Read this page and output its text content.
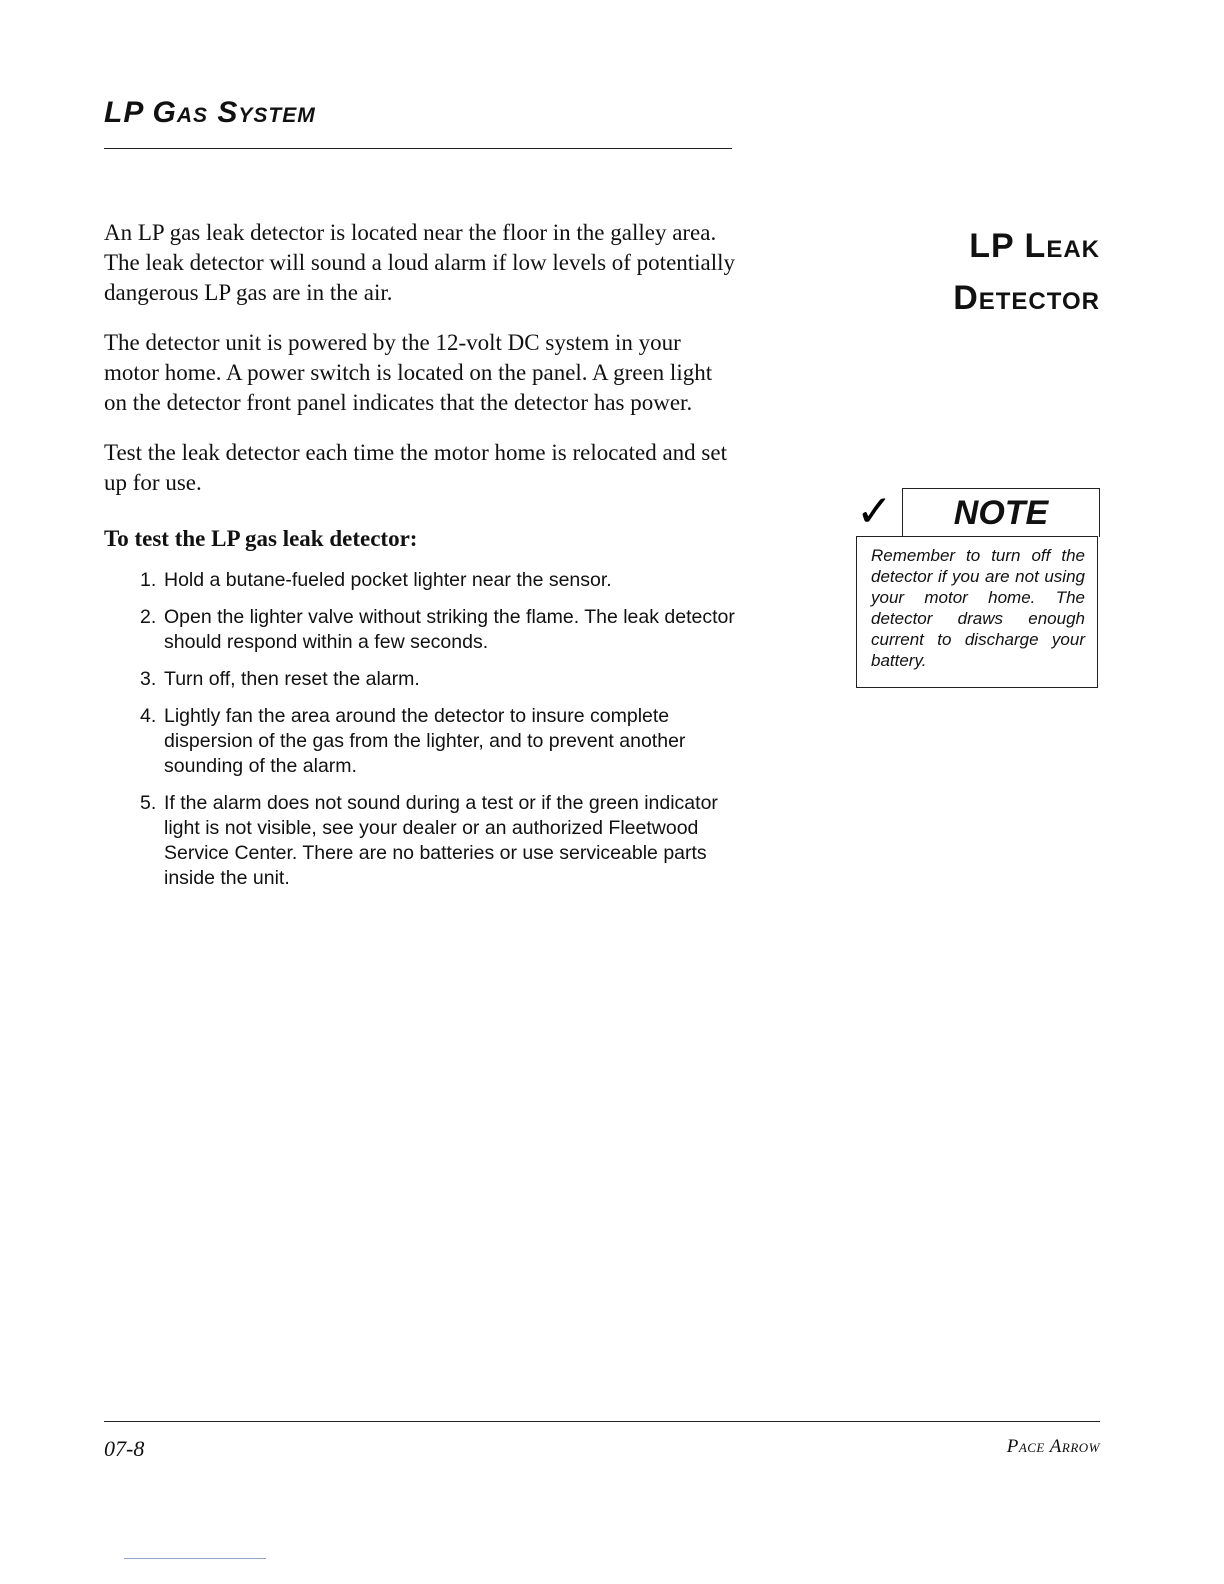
LP Gas System

An LP gas leak detector is located near the floor in the galley area. The leak detector will sound a loud alarm if low levels of potentially dangerous LP gas are in the air.

The detector unit is powered by the 12-volt DC system in your motor home. A power switch is located on the panel. A green light on the detector front panel indicates that the detector has power.

Test the leak detector each time the motor home is relocated and set up for use.

To test the LP gas leak detector:
1. Hold a butane-fueled pocket lighter near the sensor.
2. Open the lighter valve without striking the flame. The leak detector should respond within a few seconds.
3. Turn off, then reset the alarm.
4. Lightly fan the area around the detector to insure complete dispersion of the gas from the lighter, and to prevent another sounding of the alarm.
5. If the alarm does not sound during a test or if the green indicator light is not visible, see your dealer or an authorized Fleetwood Service Center. There are no batteries or use serviceable parts inside the unit.
LP Leak
Detector
✓	NOTE

Remember to turn off the detector if you are not using your motor home. The detector draws enough current to discharge your battery.

07-8	Pace Arrow
